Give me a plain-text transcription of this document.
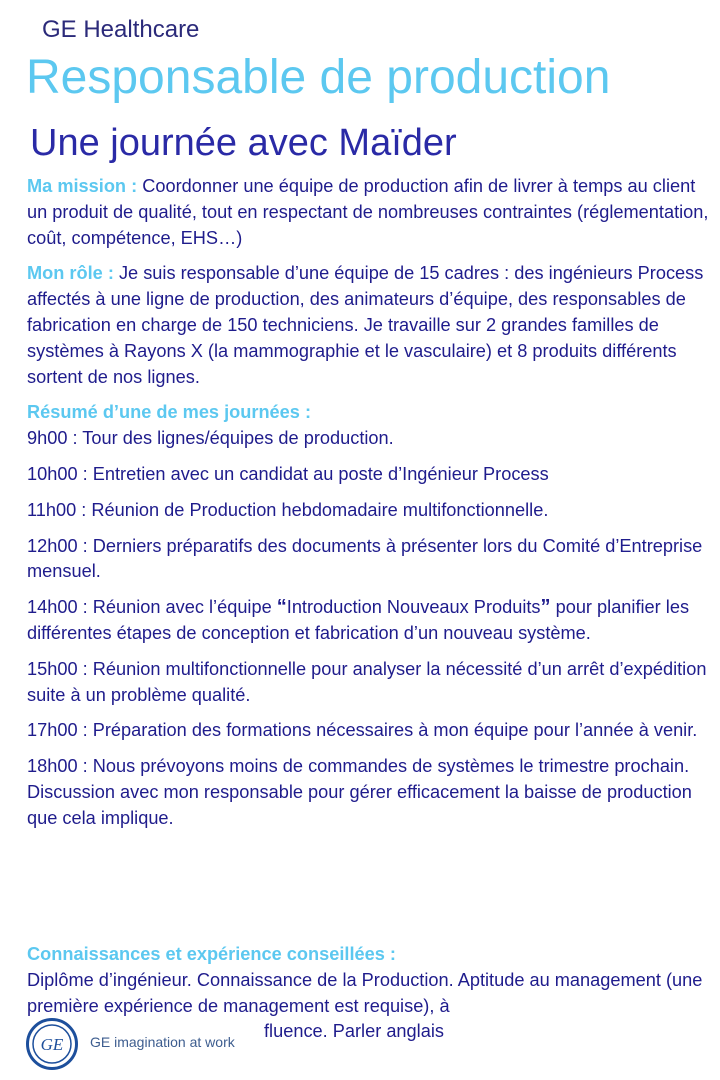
GE Healthcare
Responsable de production
Une journée avec Maïder

Ma mission : Coordonner une équipe de production afin de livrer à temps au client un produit de qualité, tout en respectant de nombreuses contraintes (réglementation, coût, compétence, EHS…)

Mon rôle : Je suis responsable d’une équipe de 15 cadres : des ingénieurs Process affectés à une ligne de production, des animateurs d’équipe, des responsables de fabrication en charge de 150 techniciens. Je travaille sur 2 grandes familles de systèmes à Rayons X (la mammographie et le vasculaire) et 8 produits différents sortent de nos lignes.

Résumé d’une de mes journées :
9h00 : Tour des lignes/équipes de production.
10h00 : Entretien avec un candidat au poste d’Ingénieur Process
11h00 : Réunion de Production hebdomadaire multifonctionnelle.
12h00 : Derniers préparatifs des documents à présenter lors du Comité d’Entreprise mensuel.
14h00 : Réunion avec l’équipe “Introduction Nouveaux Produits” pour planifier les différentes étapes de conception et fabrication d’un nouveau système.
15h00 : Réunion multifonctionnelle pour analyser la nécessité d’un arrêt d’expédition suite à un problème qualité.
17h00 : Préparation des formations nécessaires à mon équipe pour l’année à venir.
18h00 : Nous prévoyons moins de commandes de systèmes le trimestre prochain. Discussion avec mon responsable pour gérer efficacement la baisse de production que cela implique.
Connaissances et expérience conseillées :
Diplôme d’ingénieur. Connaissance de la Production. Aptitude au management (une première expérience de management est requise), à
fluence. Parler anglais
GE GE imagination at work
